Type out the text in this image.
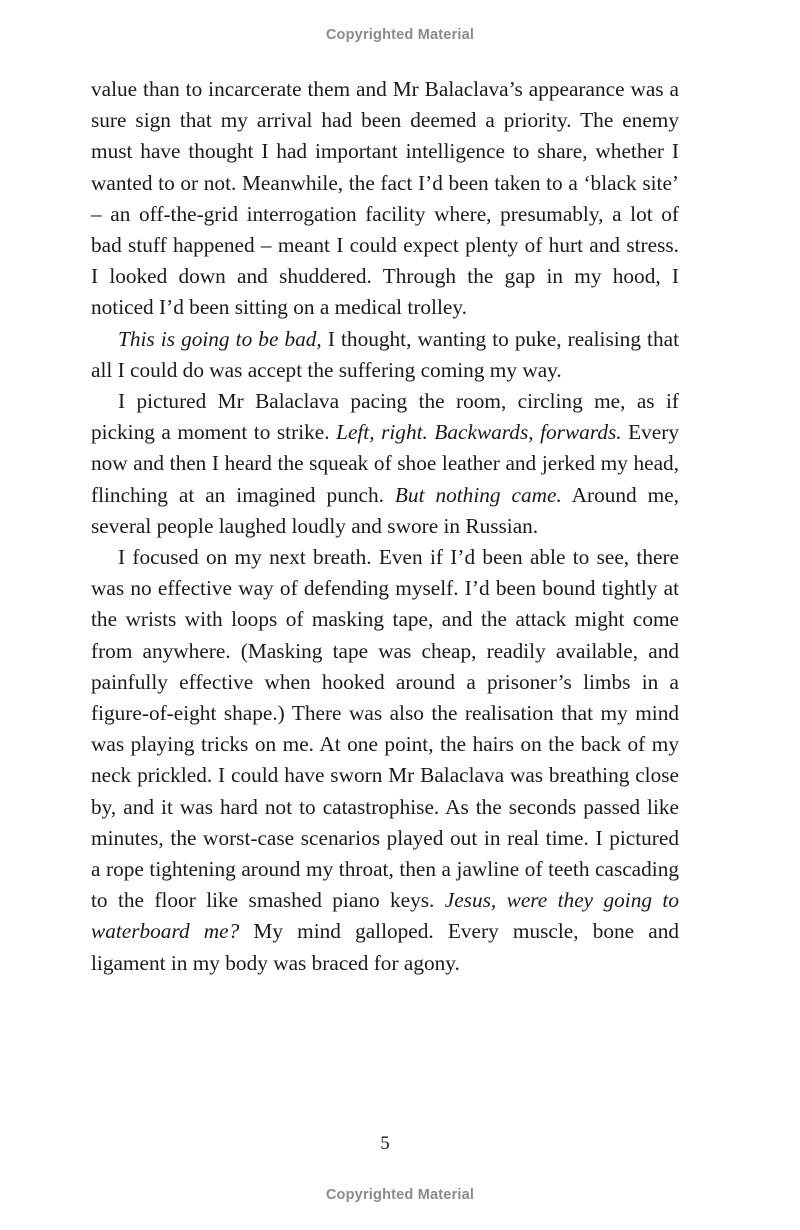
Copyrighted Material

value than to incarcerate them and Mr Balaclava’s appearance was a sure sign that my arrival had been deemed a priority. The enemy must have thought I had important intelligence to share, whether I wanted to or not. Meanwhile, the fact I’d been taken to a ‘black site’ – an off-the-grid interrogation facility where, presumably, a lot of bad stuff happened – meant I could expect plenty of hurt and stress. I looked down and shuddered. Through the gap in my hood, I noticed I’d been sitting on a medical trolley.

This is going to be bad, I thought, wanting to puke, realising that all I could do was accept the suffering coming my way.

I pictured Mr Balaclava pacing the room, circling me, as if picking a moment to strike. Left, right. Backwards, forwards. Every now and then I heard the squeak of shoe leather and jerked my head, flinching at an imagined punch. But nothing came. Around me, several people laughed loudly and swore in Russian.

I focused on my next breath. Even if I’d been able to see, there was no effective way of defending myself. I’d been bound tightly at the wrists with loops of masking tape, and the attack might come from anywhere. (Masking tape was cheap, readily available, and painfully effective when hooked around a prisoner’s limbs in a figure-of-eight shape.) There was also the realisation that my mind was playing tricks on me. At one point, the hairs on the back of my neck prickled. I could have sworn Mr Balaclava was breathing close by, and it was hard not to catastrophise. As the seconds passed like minutes, the worst-case scenarios played out in real time. I pictured a rope tightening around my throat, then a jawline of teeth cascading to the floor like smashed piano keys. Jesus, were they going to waterboard me? My mind galloped. Every muscle, bone and ligament in my body was braced for agony.

5
Copyrighted Material
